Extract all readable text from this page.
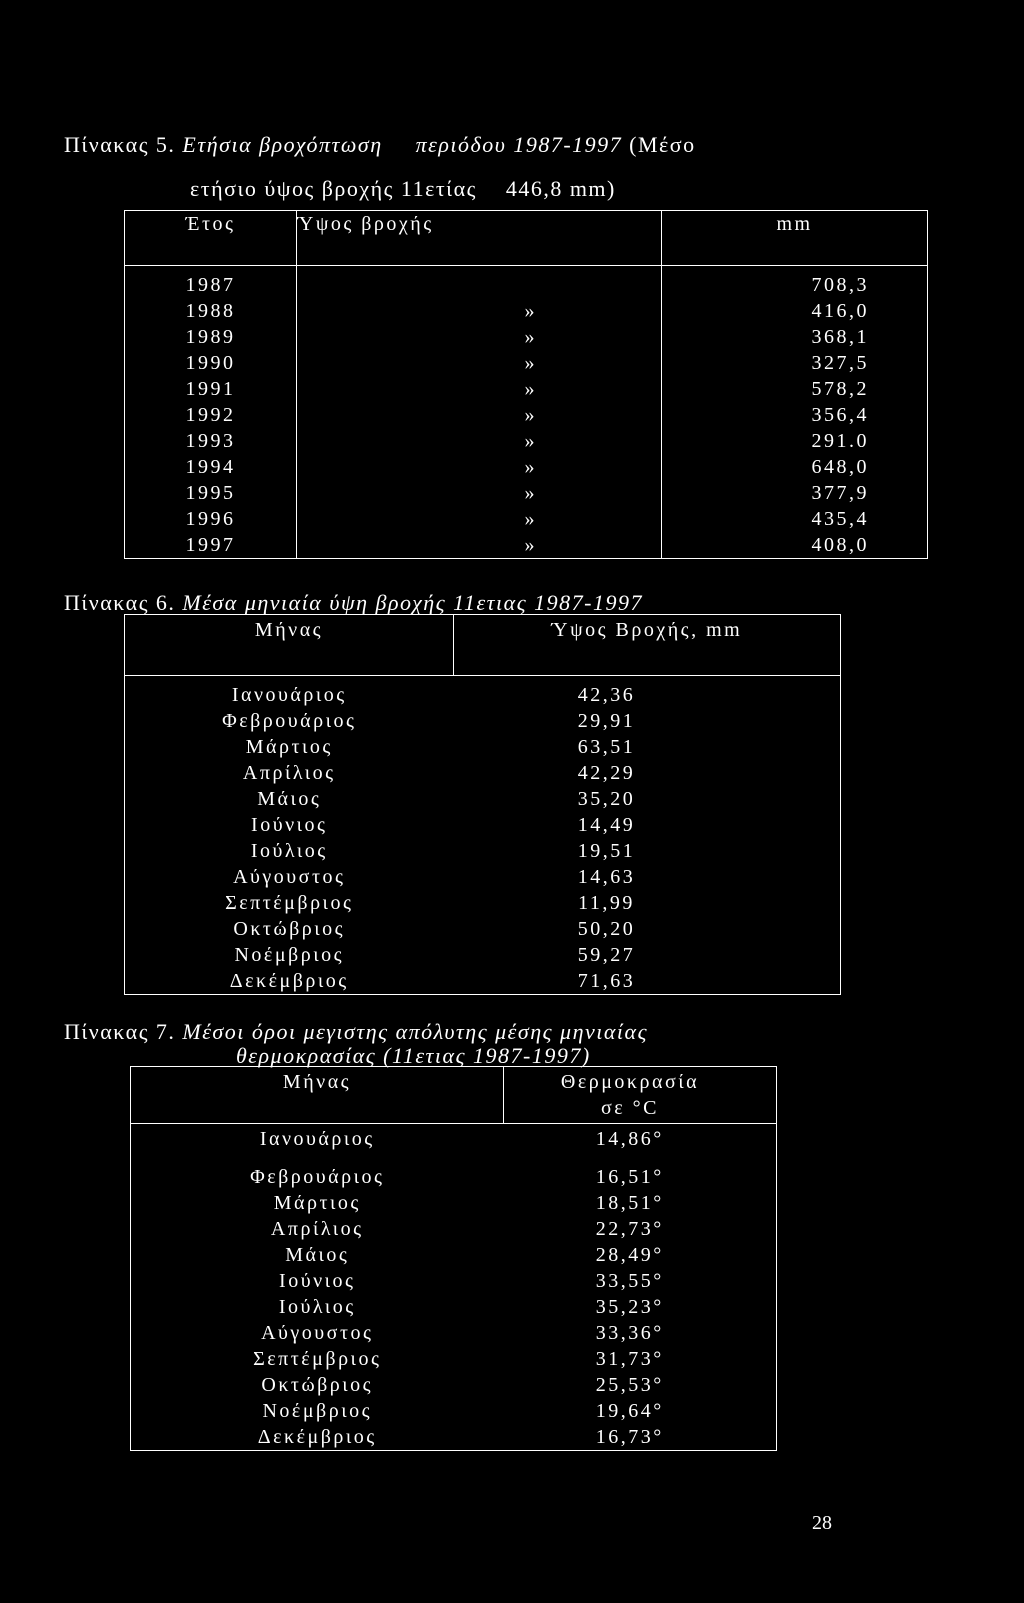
Πίνακας 5. Ετήσια βροχόπτωση περιόδου 1987-1997 (Μέσο
ετήσιο ύψος βροχής 11ετίας 446,8 mm)
Έτος	Ύψος βροχής	mm
1987		708,3
1988	»	416,0
1989	»	368,1
1990	»	327,5
1991	»	578,2
1992	»	356,4
1993	»	291.0
1994	»	648,0
1995	»	377,9
1996	»	435,4
1997	»	408,0
Πίνακας 6. Μέσα μηνιαία ύψη βροχής 11ετιας 1987-1997
Μήνας	Ύψος Βροχής, mm
Ιανουάριος	42,36
Φεβρουάριος	29,91
Μάρτιος	63,51
Απρίλιος	42,29
Μάιος	35,20
Ιούνιος	14,49
Ιούλιος	19,51
Αύγουστος	14,63
Σεπτέμβριος	11,99
Οκτώβριος	50,20
Νοέμβριος	59,27
Δεκέμβριος	71,63
Πίνακας 7. Μέσοι όροι μεγιστης απόλυτης μέσης μηνιαίας
θερμοκρασίας (11ετιας 1987-1997)
Μήνας	Θερμοκρασία
σε °C

Ιανουάριος	14,86°
Φεβρουάριος	16,51°
Μάρτιος	18,51°
Απρίλιος	22,73°
Μάιος	28,49°
Ιούνιος	33,55°
Ιούλιος	35,23°
Αύγουστος	33,36°
Σεπτέμβριος	31,73°
Οκτώβριος	25,53°
Νοέμβριος	19,64°
Δεκέμβριος	16,73°
28
